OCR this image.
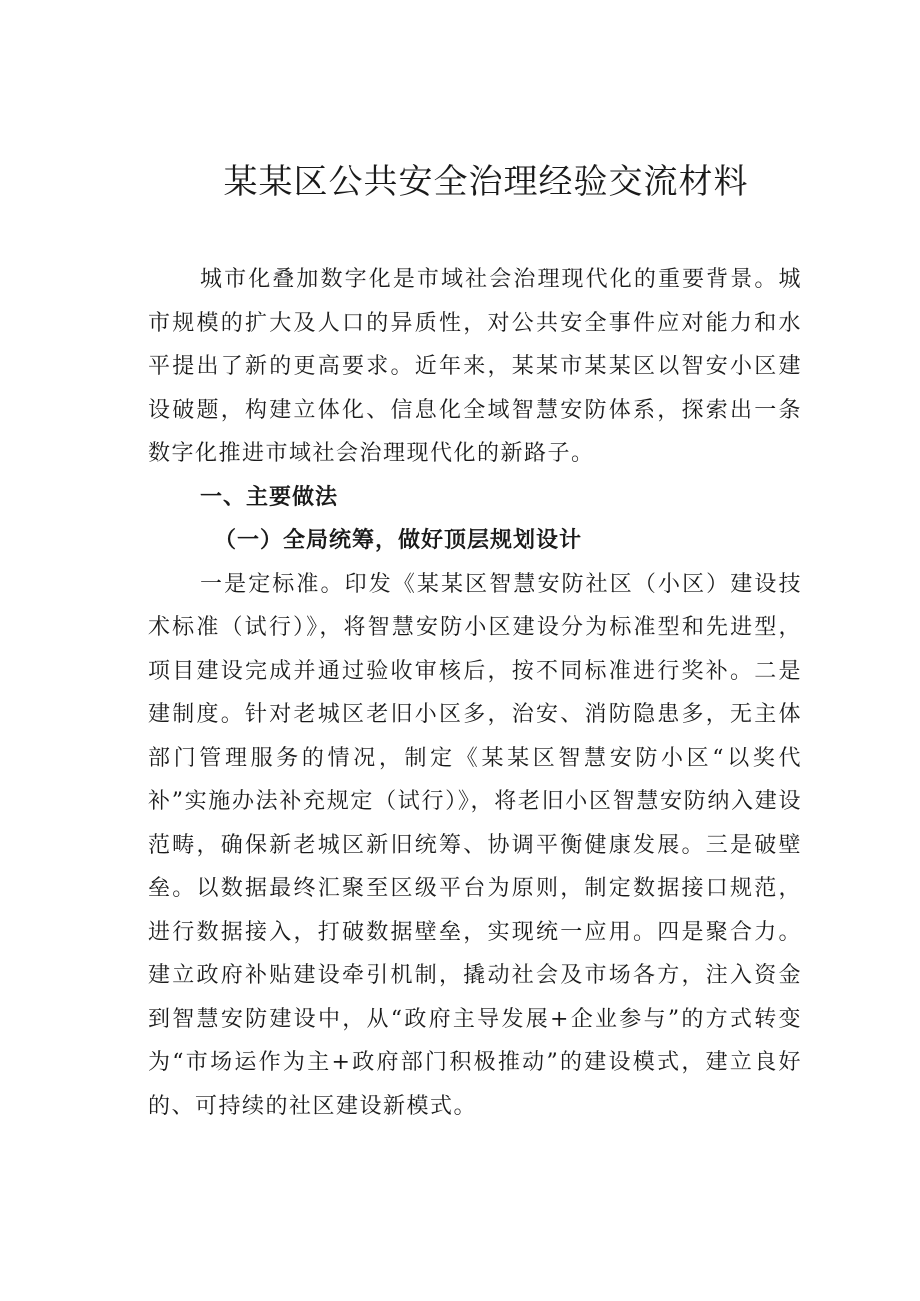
某某区公共安全治理经验交流材料

城市化叠加数字化是市域社会治理现代化的重要背景。城市规模的扩大及人口的异质性，对公共安全事件应对能力和水平提出了新的更高要求。近年来，某某市某某区以智安小区建设破题，构建立体化、信息化全域智慧安防体系，探索出一条数字化推进市域社会治理现代化的新路子。

一、主要做法
（一）全局统筹，做好顶层规划设计

一是定标准。印发《某某区智慧安防社区（小区）建设技术标准（试行）》，将智慧安防小区建设分为标准型和先进型，项目建设完成并通过验收审核后，按不同标准进行奖补。二是建制度。针对老城区老旧小区多，治安、消防隐患多，无主体部门管理服务的情况，制定《某某区智慧安防小区“以奖代补”实施办法补充规定（试行）》，将老旧小区智慧安防纳入建设范畴，确保新老城区新旧统筹、协调平衡健康发展。三是破壁垒。以数据最终汇聚至区级平台为原则，制定数据接口规范，进行数据接入，打破数据壁垒，实现统一应用。四是聚合力。建立政府补贴建设牵引机制，撬动社会及市场各方，注入资金到智慧安防建设中，从“政府主导发展+企业参与”的方式转变为“市场运作为主+政府部门积极推动”的建设模式，建立良好的、可持续的社区建设新模式。
